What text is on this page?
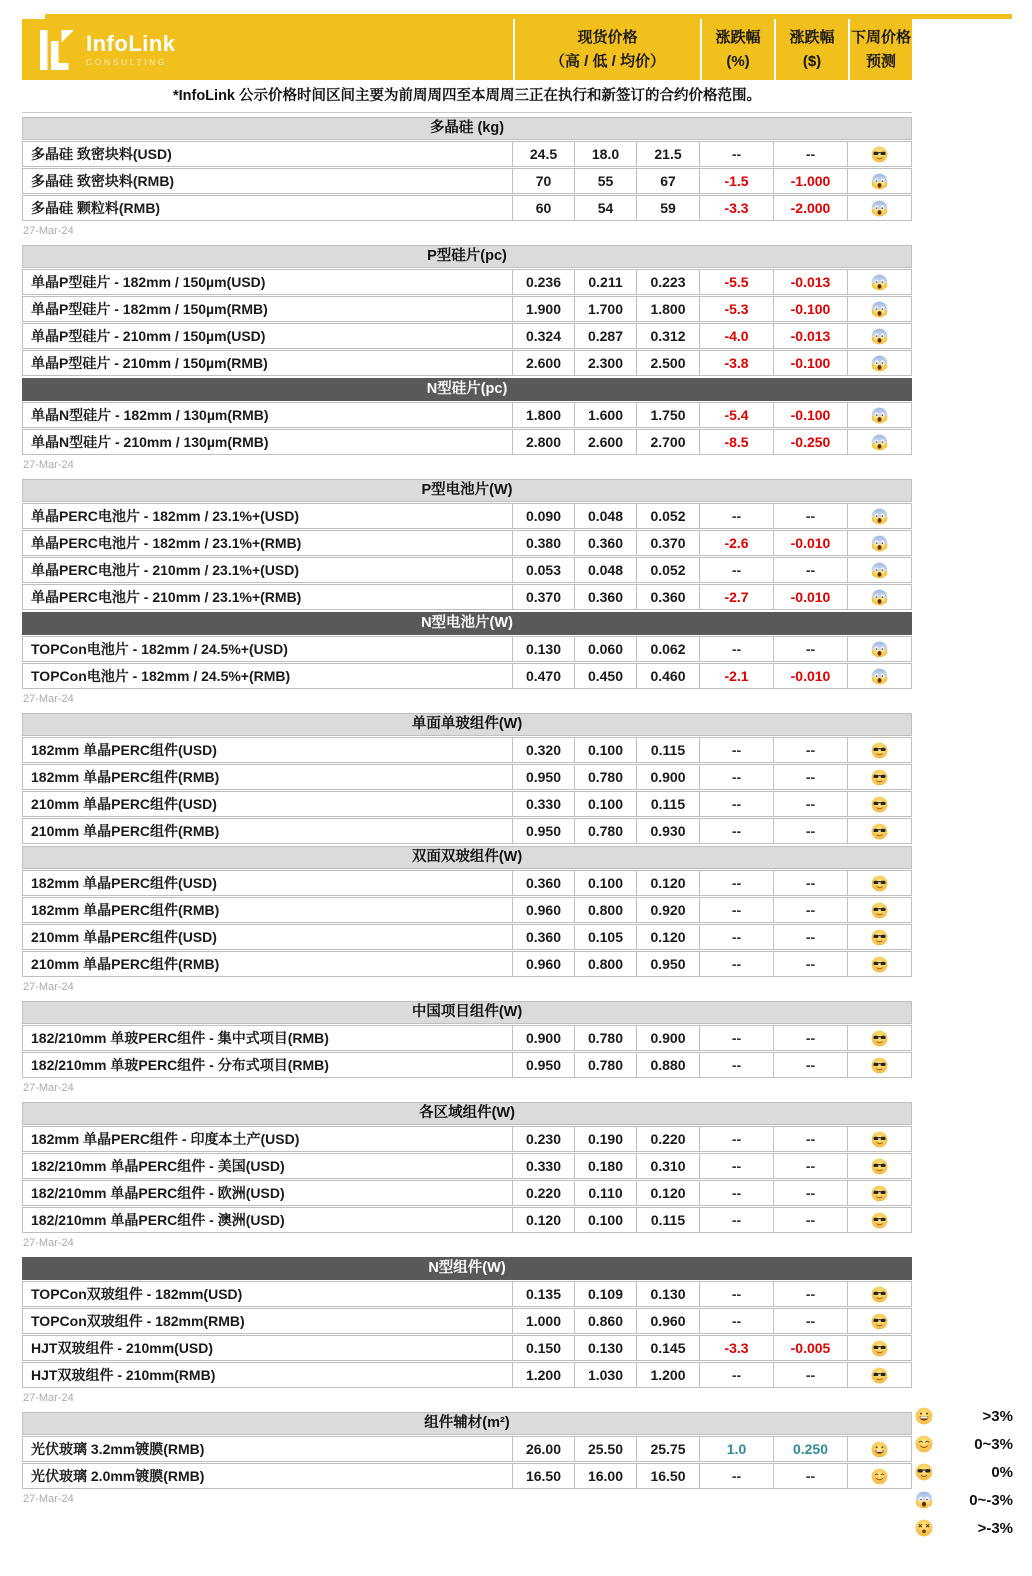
InfoLink
CONSULTING
现货价格
（高 / 低 / 均价）
涨跌幅
(%)
涨跌幅
($)
下周价格
预测
*InfoLink 公示价格时间区间主要为前周周四至本周周三正在执行和新签订的合约价格范围。
多晶硅 (kg)
多晶硅 致密块料(USD)	24.5	18.0	21.5	--	--
多晶硅 致密块料(RMB)	70	55	67	-1.5	-1.000
多晶硅 颗粒料(RMB)	60	54	59	-3.3	-2.000
27-Mar-24
P型硅片(pc)
单晶P型硅片 - 182mm / 150µm(USD)	0.236	0.211	0.223	-5.5	-0.013
单晶P型硅片 - 182mm / 150µm(RMB)	1.900	1.700	1.800	-5.3	-0.100
单晶P型硅片 - 210mm / 150µm(USD)	0.324	0.287	0.312	-4.0	-0.013
单晶P型硅片 - 210mm / 150µm(RMB)	2.600	2.300	2.500	-3.8	-0.100
N型硅片(pc)
单晶N型硅片 - 182mm / 130µm(RMB)	1.800	1.600	1.750	-5.4	-0.100
单晶N型硅片 - 210mm / 130µm(RMB)	2.800	2.600	2.700	-8.5	-0.250
27-Mar-24
P型电池片(W)
单晶PERC电池片 - 182mm / 23.1%+(USD)	0.090	0.048	0.052	--	--
单晶PERC电池片 - 182mm / 23.1%+(RMB)	0.380	0.360	0.370	-2.6	-0.010
单晶PERC电池片 - 210mm / 23.1%+(USD)	0.053	0.048	0.052	--	--
单晶PERC电池片 - 210mm / 23.1%+(RMB)	0.370	0.360	0.360	-2.7	-0.010
N型电池片(W)
TOPCon电池片 - 182mm / 24.5%+(USD)	0.130	0.060	0.062	--	--
TOPCon电池片 - 182mm / 24.5%+(RMB)	0.470	0.450	0.460	-2.1	-0.010
27-Mar-24
单面单玻组件(W)
182mm 单晶PERC组件(USD)	0.320	0.100	0.115	--	--
182mm 单晶PERC组件(RMB)	0.950	0.780	0.900	--	--
210mm 单晶PERC组件(USD)	0.330	0.100	0.115	--	--
210mm 单晶PERC组件(RMB)	0.950	0.780	0.930	--	--
双面双玻组件(W)
182mm 单晶PERC组件(USD)	0.360	0.100	0.120	--	--
182mm 单晶PERC组件(RMB)	0.960	0.800	0.920	--	--
210mm 单晶PERC组件(USD)	0.360	0.105	0.120	--	--
210mm 单晶PERC组件(RMB)	0.960	0.800	0.950	--	--
27-Mar-24
中国项目组件(W)
182/210mm 单玻PERC组件 - 集中式项目(RMB)	0.900	0.780	0.900	--	--
182/210mm 单玻PERC组件 - 分布式项目(RMB)	0.950	0.780	0.880	--	--
27-Mar-24
各区域组件(W)
182mm 单晶PERC组件 - 印度本土产(USD)	0.230	0.190	0.220	--	--
182/210mm 单晶PERC组件 - 美国(USD)	0.330	0.180	0.310	--	--
182/210mm 单晶PERC组件 - 欧洲(USD)	0.220	0.110	0.120	--	--
182/210mm 单晶PERC组件 - 澳洲(USD)	0.120	0.100	0.115	--	--
27-Mar-24
N型组件(W)
TOPCon双玻组件 - 182mm(USD)	0.135	0.109	0.130	--	--
TOPCon双玻组件 - 182mm(RMB)	1.000	0.860	0.960	--	--
HJT双玻组件 - 210mm(USD)	0.150	0.130	0.145	-3.3	-0.005
HJT双玻组件 - 210mm(RMB)	1.200	1.030	1.200	--	--
27-Mar-24
组件辅材(m²)
光伏玻璃 3.2mm镀膜(RMB)	26.00	25.50	25.75	1.0	0.250
光伏玻璃 2.0mm镀膜(RMB)	16.50	16.00	16.50	--	--
27-Mar-24
>3%
0~3%
0%
0~-3%
>-3%
